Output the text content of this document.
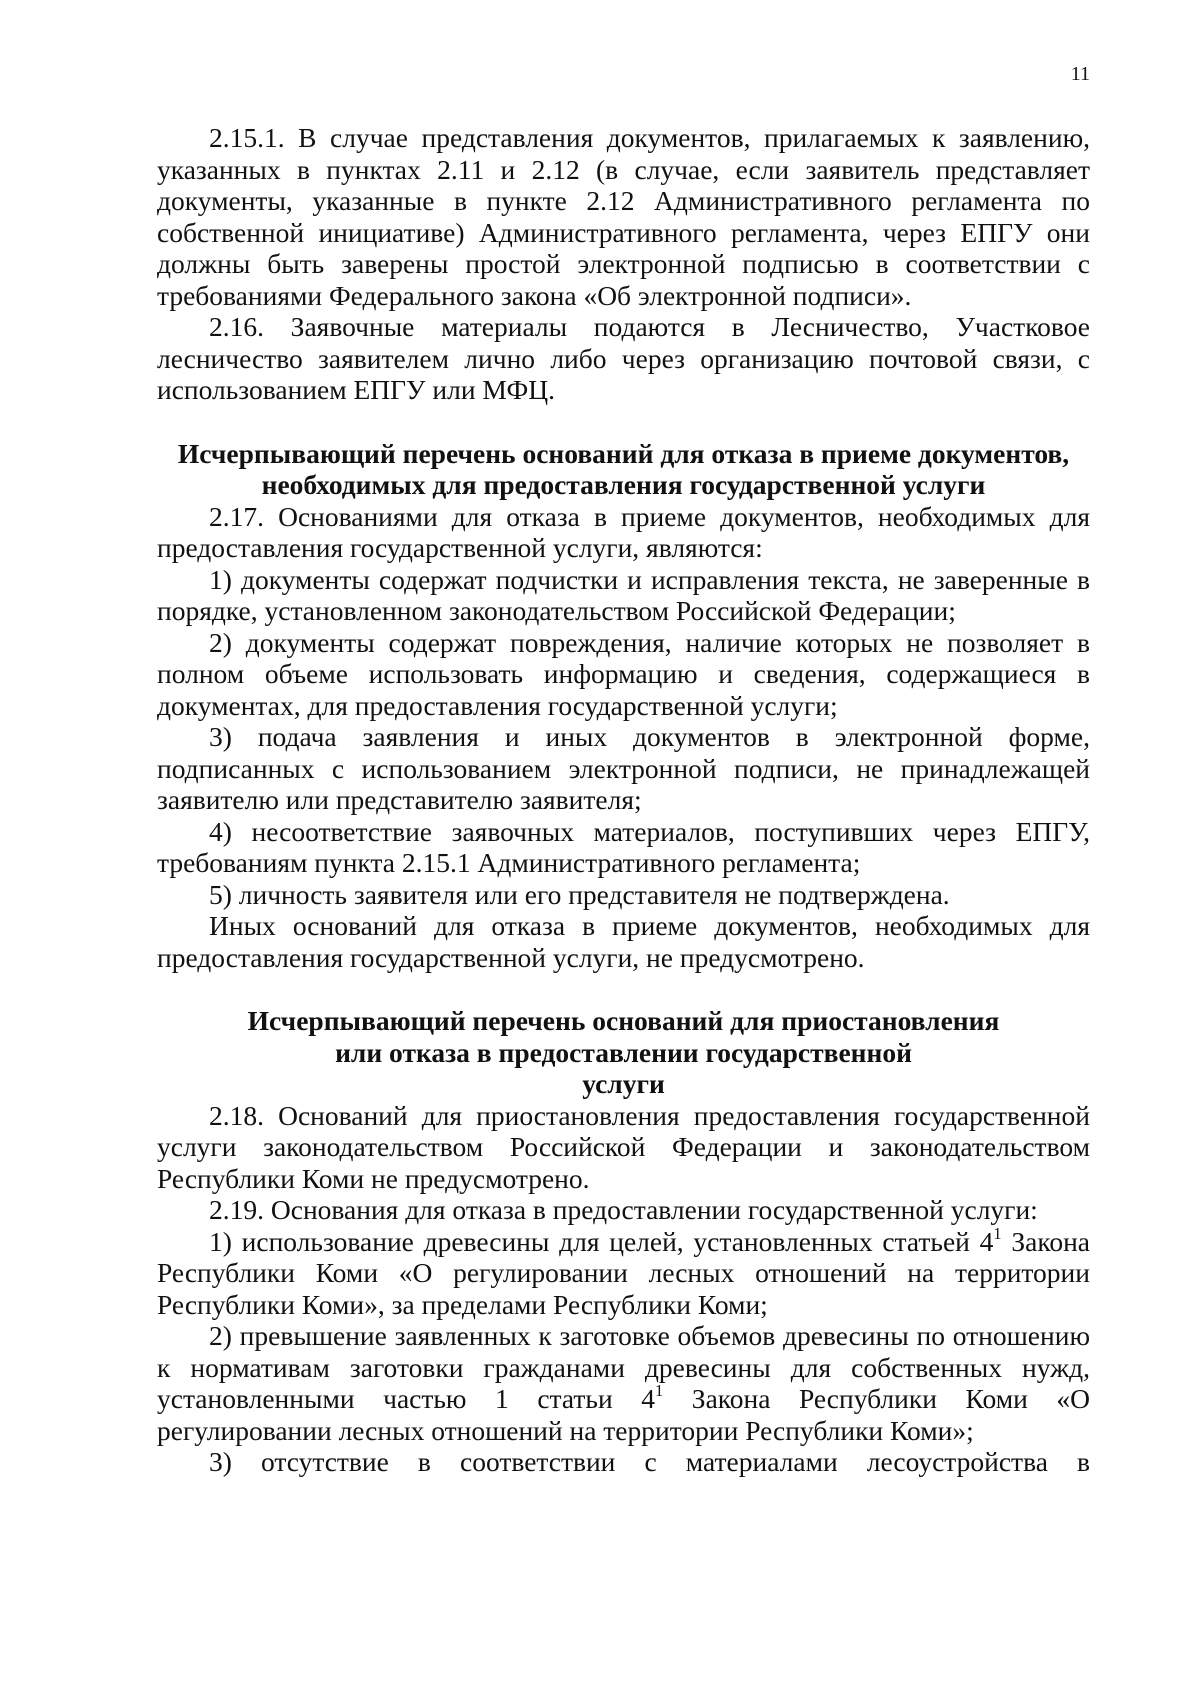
11

2.15.1. В случае представления документов, прилагаемых к заявлению, указанных в пунктах 2.11 и 2.12 (в случае, если заявитель представляет документы, указанные в пункте 2.12 Административного регламента по собственной инициативе) Административного регламента, через ЕПГУ они должны быть заверены простой электронной подписью в соответствии с требованиями Федерального закона «Об электронной подписи».

2.16. Заявочные материалы подаются в Лесничество, Участковое лесничество заявителем лично либо через организацию почтовой связи, с использованием ЕПГУ или МФЦ.

Исчерпывающий перечень оснований для отказа в приеме документов,
необходимых для предоставления государственной услуги

2.17. Основаниями для отказа в приеме документов, необходимых для предоставления государственной услуги, являются:

1) документы содержат подчистки и исправления текста, не заверенные в порядке, установленном законодательством Российской Федерации;

2) документы содержат повреждения, наличие которых не позволяет в полном объеме использовать информацию и сведения, содержащиеся в документах, для предоставления государственной услуги;

3) подача заявления и иных документов в электронной форме, подписанных с использованием электронной подписи, не принадлежащей заявителю или представителю заявителя;

4) несоответствие заявочных материалов, поступивших через ЕПГУ, требованиям пункта 2.15.1 Административного регламента;

5) личность заявителя или его представителя не подтверждена.

Иных оснований для отказа в приеме документов, необходимых для предоставления государственной услуги, не предусмотрено.

Исчерпывающий перечень оснований для приостановления
или отказа в предоставлении государственной
услуги

2.18. Оснований для приостановления предоставления государственной услуги законодательством Российской Федерации и законодательством Республики Коми не предусмотрено.

2.19. Основания для отказа в предоставлении государственной услуги:

1) использование древесины для целей, установленных статьей $4^1$ Закона Республики Коми «О регулировании лесных отношений на территории Республики Коми», за пределами Республики Коми;

2) превышение заявленных к заготовке объемов древесины по отношению к нормативам заготовки гражданами древесины для собственных нужд, установленными частью 1 статьи $4^1$ Закона Республики Коми «О регулировании лесных отношений на территории Республики Коми»;

3) отсутствие в соответствии с материалами лесоустройства в
